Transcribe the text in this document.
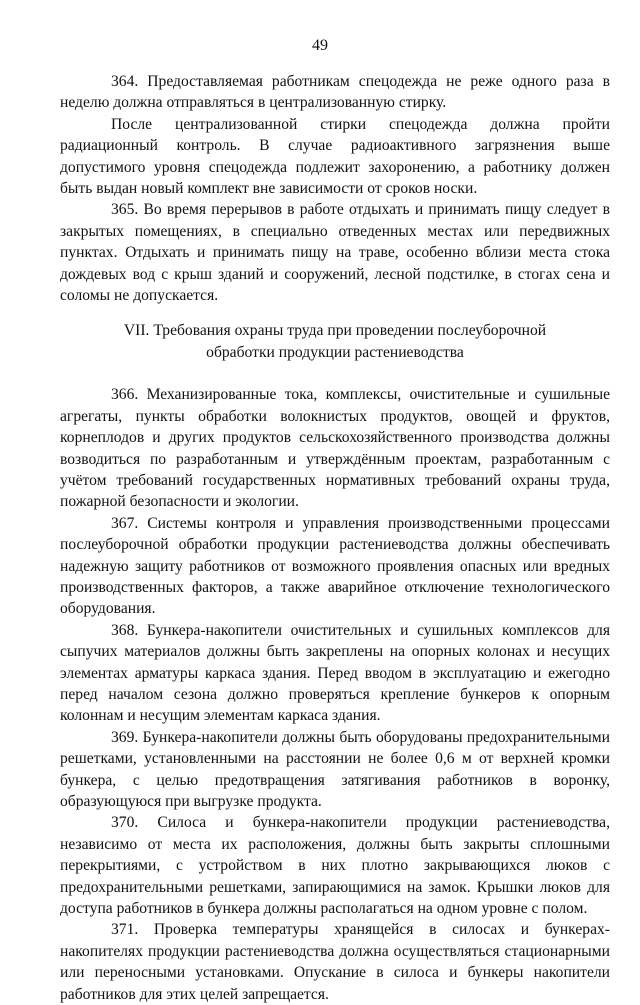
49

364. Предоставляемая работникам спецодежда не реже одного раза в неделю должна отправляться в централизованную стирку.

После централизованной стирки спецодежда должна пройти радиационный контроль. В случае радиоактивного загрязнения выше допустимого уровня спецодежда подлежит захоронению, а работнику должен быть выдан новый комплект вне зависимости от сроков носки.

365. Во время перерывов в работе отдыхать и принимать пищу следует в закрытых помещениях, в специально отведенных местах или передвижных пунктах. Отдыхать и принимать пищу на траве, особенно вблизи места стока дождевых вод с крыш зданий и сооружений, лесной подстилке, в стогах сена и соломы не допускается.

VII. Требования охраны труда при проведении послеуборочной обработки продукции растениеводства

366. Механизированные тока, комплексы, очистительные и сушильные агрегаты, пункты обработки волокнистых продуктов, овощей и фруктов, корнеплодов и других продуктов сельскохозяйственного производства должны возводиться по разработанным и утверждённым проектам, разработанным с учётом требований государственных нормативных требований охраны труда, пожарной безопасности и экологии.

367. Системы контроля и управления производственными процессами послеуборочной обработки продукции растениеводства должны обеспечивать надежную защиту работников от возможного проявления опасных или вредных производственных факторов, а также аварийное отключение технологического оборудования.

368. Бункера-накопители очистительных и сушильных комплексов для сыпучих материалов должны быть закреплены на опорных колонах и несущих элементах арматуры каркаса здания. Перед вводом в эксплуатацию и ежегодно перед началом сезона должно проверяться крепление бункеров к опорным колоннам и несущим элементам каркаса здания.

369. Бункера-накопители должны быть оборудованы предохранительными решетками, установленными на расстоянии не более 0,6 м от верхней кромки бункера, с целью предотвращения затягивания работников в воронку, образующуюся при выгрузке продукта.

370. Силоса и бункера-накопители продукции растениеводства, независимо от места их расположения, должны быть закрыты сплошными перекрытиями, с устройством в них плотно закрывающихся люков с предохранительными решетками, запирающимися на замок. Крышки люков для доступа работников в бункера должны располагаться на одном уровне с полом.

371. Проверка температуры хранящейся в силосах и бункерах-накопителях продукции растениеводства должна осуществляться стационарными или переносными установками. Опускание в силоса и бункеры накопители работников для этих целей запрещается.
